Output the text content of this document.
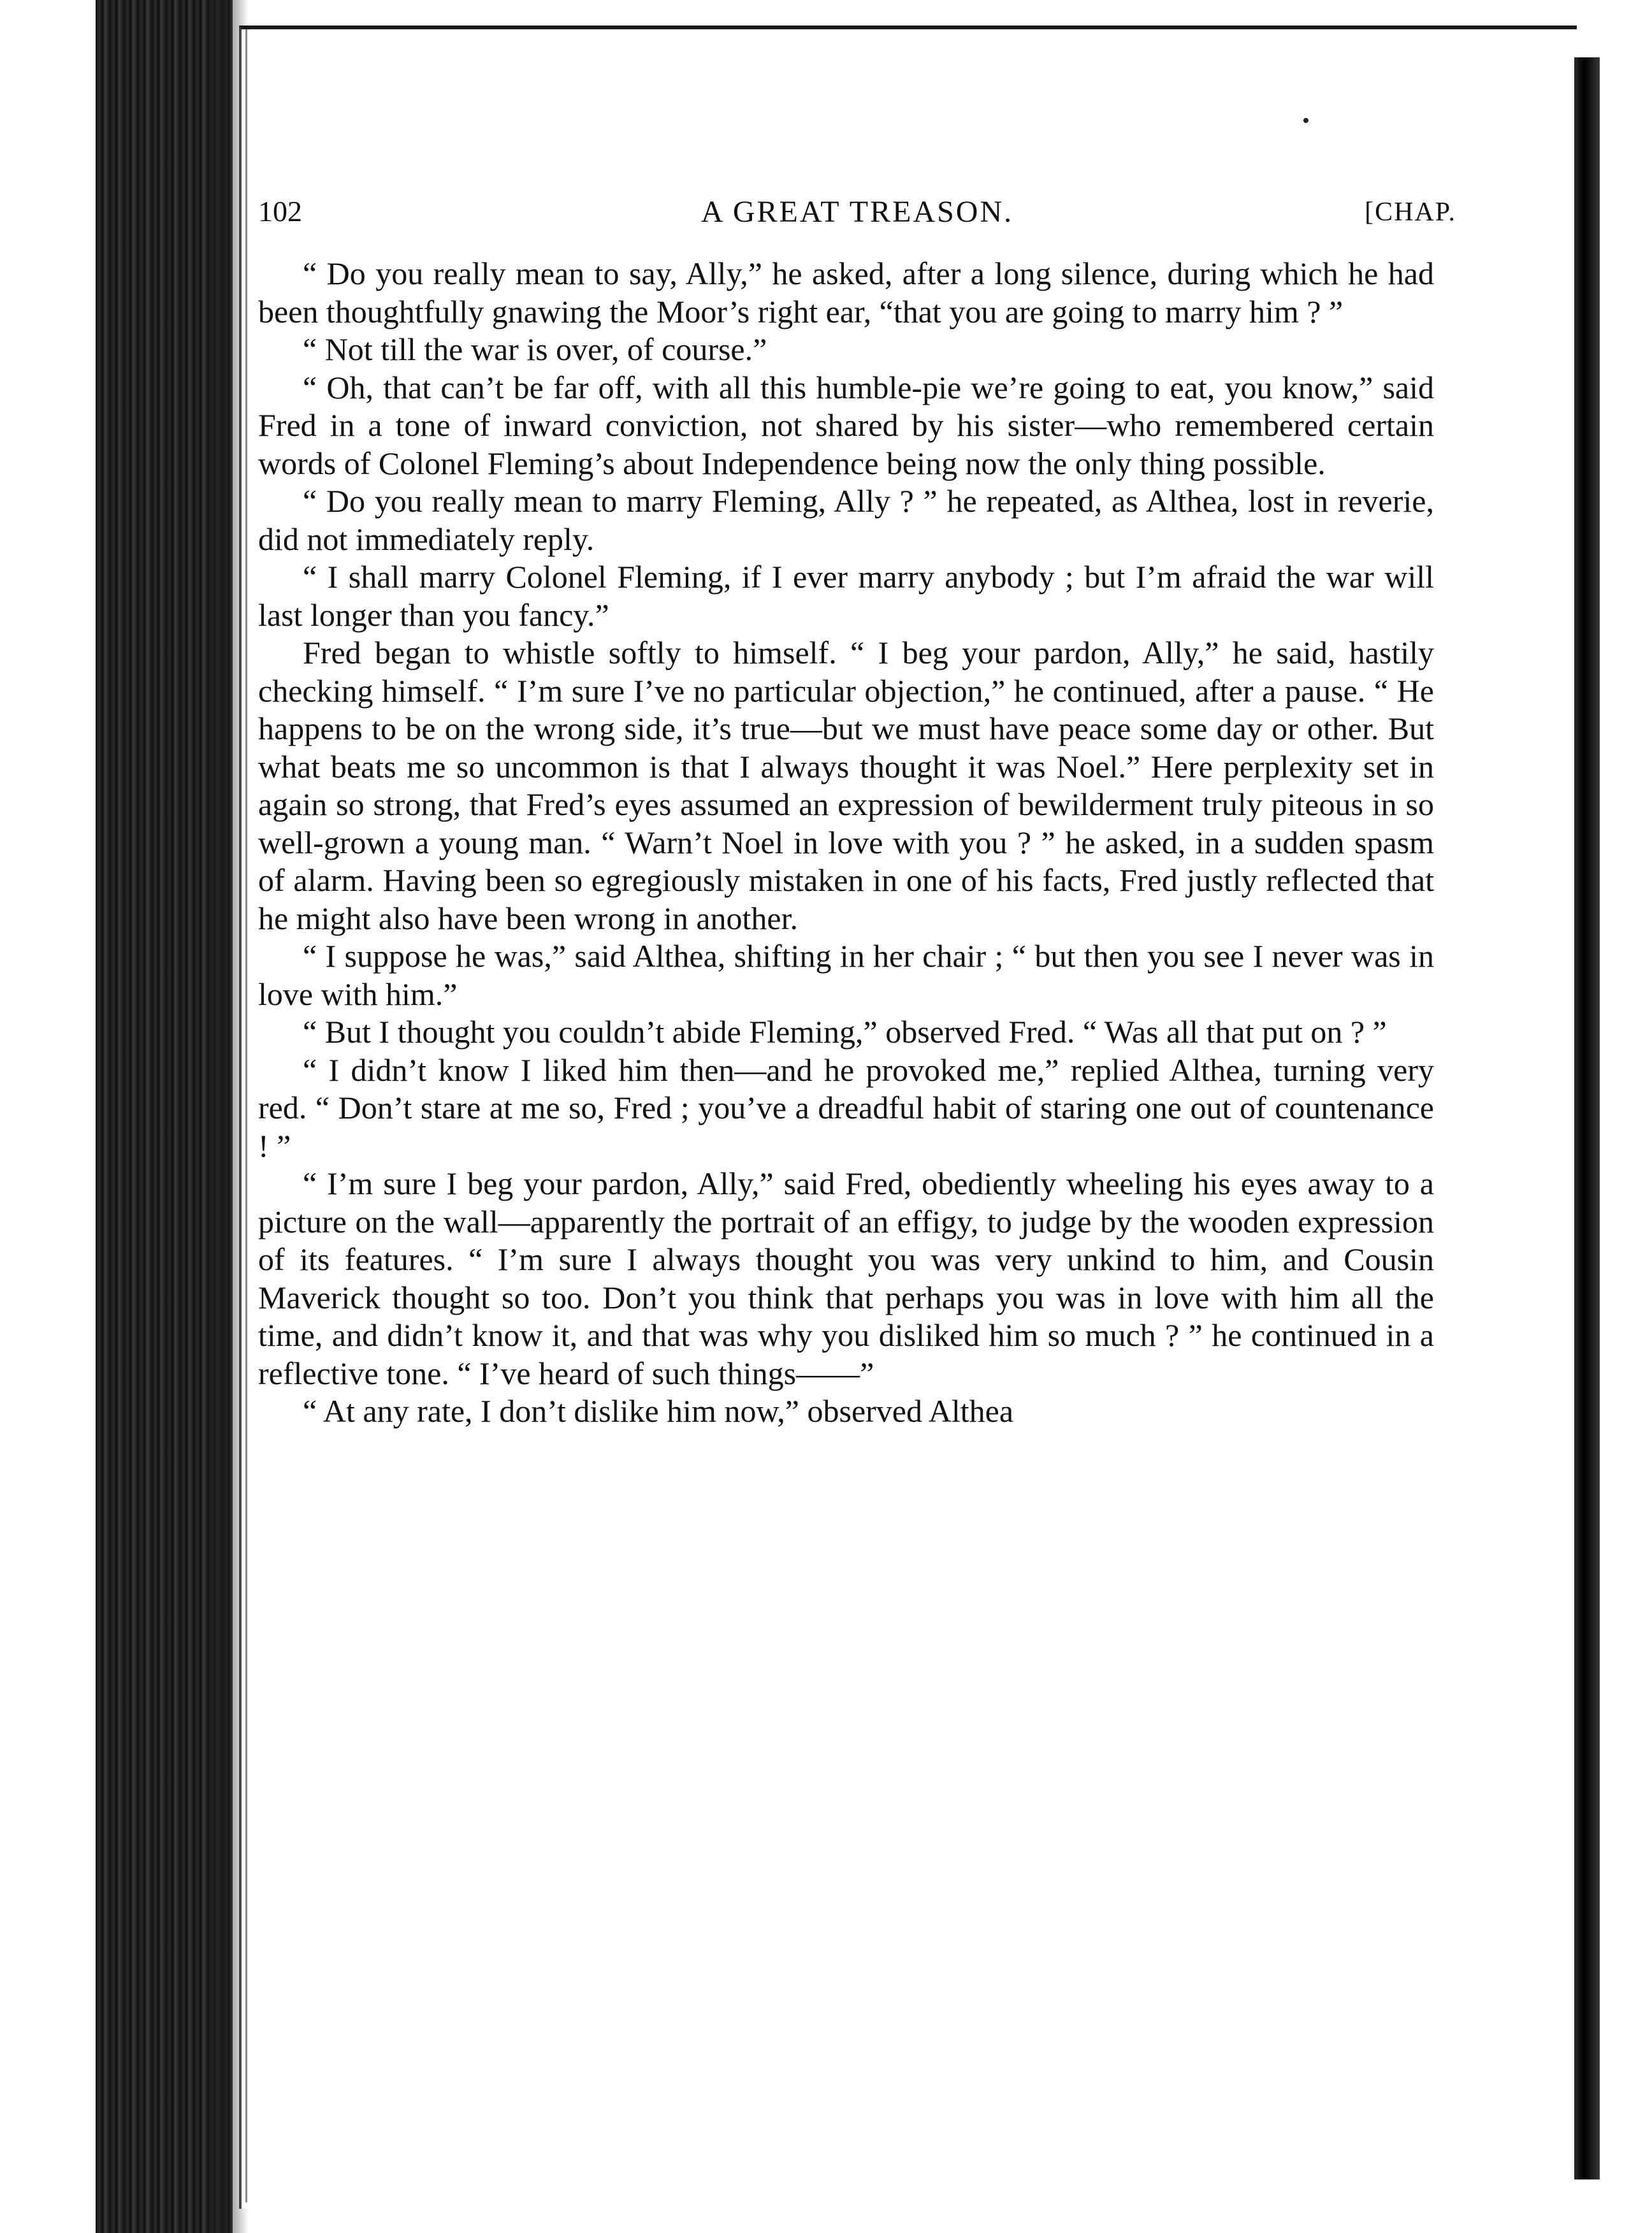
102	A GREAT TREASON.	[CHAP.

“ Do you really mean to say, Ally,” he asked, after a long silence, during which he had been thoughtfully gnawing the Moor’s right ear, “that you are going to marry him ? ”

“ Not till the war is over, of course.”

“ Oh, that can’t be far off, with all this humble-pie we’re going to eat, you know,” said Fred in a tone of inward conviction, not shared by his sister—who remembered certain words of Colonel Fleming’s about Independence being now the only thing possible.

“ Do you really mean to marry Fleming, Ally ? ” he repeated, as Althea, lost in reverie, did not immediately reply.

“ I shall marry Colonel Fleming, if I ever marry anybody ; but I’m afraid the war will last longer than you fancy.”

Fred began to whistle softly to himself. “ I beg your pardon, Ally,” he said, hastily checking himself. “ I’m sure I’ve no particular objection,” he continued, after a pause. “ He happens to be on the wrong side, it’s true—but we must have peace some day or other. But what beats me so uncommon is that I always thought it was Noel.” Here perplexity set in again so strong, that Fred’s eyes assumed an expression of bewilderment truly piteous in so well-grown a young man. “ Warn’t Noel in love with you ? ” he asked, in a sudden spasm of alarm. Having been so egregiously mistaken in one of his facts, Fred justly reflected that he might also have been wrong in another.

“ I suppose he was,” said Althea, shifting in her chair ; “ but then you see I never was in love with him.”

“ But I thought you couldn’t abide Fleming,” observed Fred. “ Was all that put on ? ”

“ I didn’t know I liked him then—and he provoked me,” replied Althea, turning very red. “ Don’t stare at me so, Fred ; you’ve a dreadful habit of staring one out of countenance ! ”

“ I’m sure I beg your pardon, Ally,” said Fred, obediently wheeling his eyes away to a picture on the wall—apparently the portrait of an effigy, to judge by the wooden expression of its features. “ I’m sure I always thought you was very unkind to him, and Cousin Maverick thought so too. Don’t you think that perhaps you was in love with him all the time, and didn’t know it, and that was why you disliked him so much ? ” he continued in a reflective tone. “ I’ve heard of such things——”

“ At any rate, I don’t dislike him now,” observed Althea
